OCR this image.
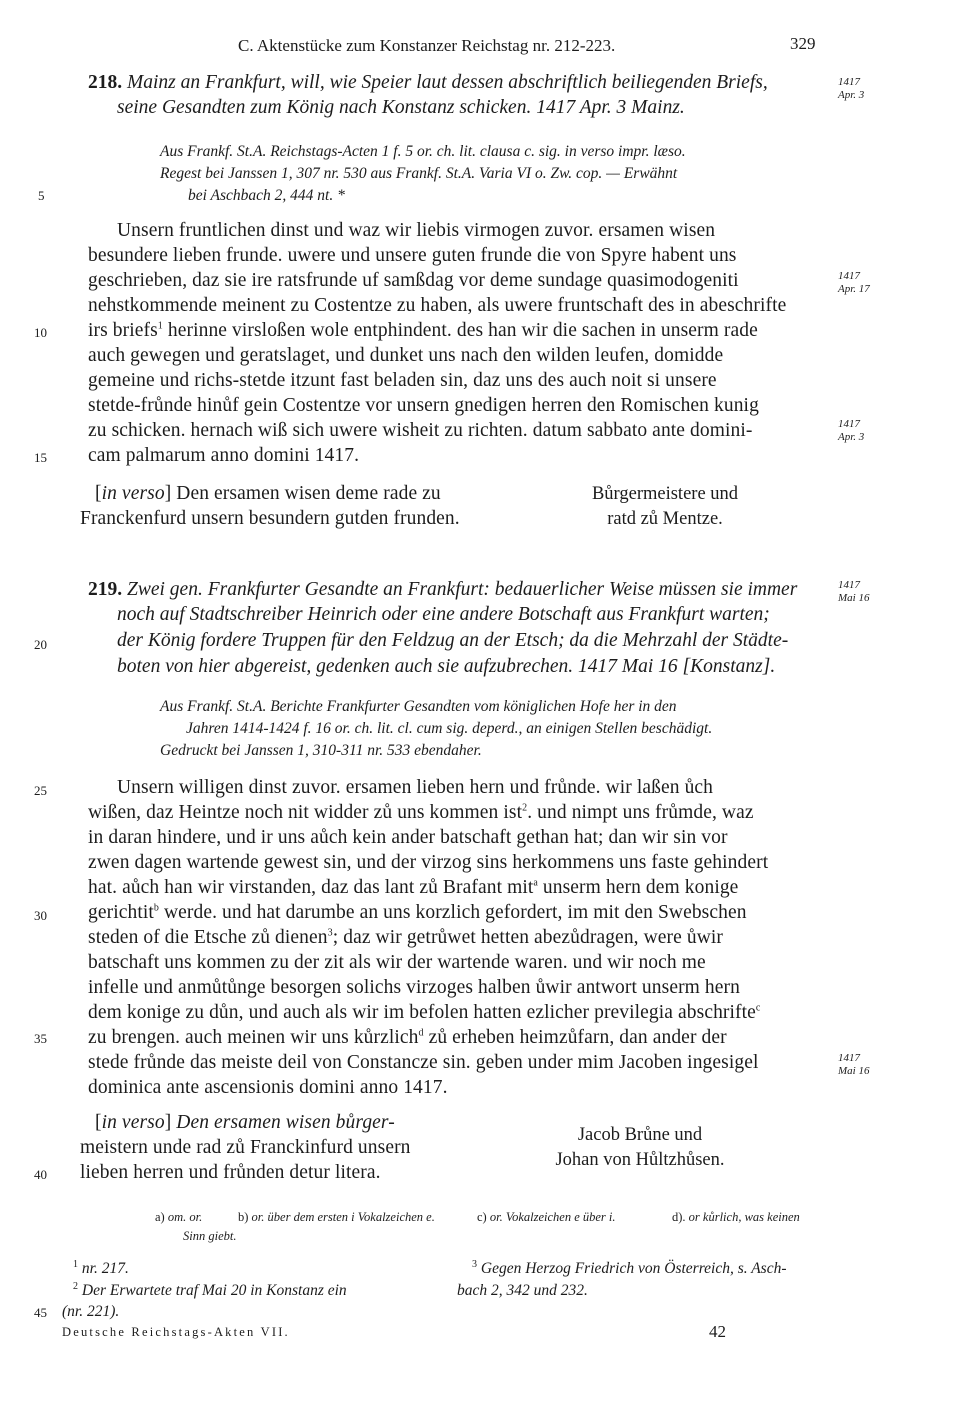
C. Aktenstücke zum Konstanzer Reichstag nr. 212-223.	329
5
10
15
20
25
30
35
40
45
218. Mainz an Frankfurt, will, wie Speier laut dessen abschriftlich beiliegenden Briefs,
seine Gesandten zum König nach Konstanz schicken. 1417 Apr. 3 Mainz.
1417
Apr. 3
Aus Frankf. St.A. Reichstags-Acten 1 f. 5 or. ch. lit. clausa c. sig. in verso impr. læso.
Regest bei Janssen 1, 307 nr. 530 aus Frankf. St.A. Varia VI o. Zw. cop. — Erwähnt
bei Aschbach 2, 444 nt. *
Unsern fruntlichen dinst und waz wir liebis virmogen zuvor. ersamen wisen
besundere lieben frunde. uwere und unsere guten frunde die von Spyre habent uns
geschrieben, daz sie ire ratsfrunde uf samßdag vor deme sundage quasimodogeniti
nehstkommende meinent zu Costentze zu haben, als uwere fruntschaft des in abeschrifte
irs briefs$^1$ herinne virsloßen wole entphindent. des han wir die sachen in unserm rade
auch gewegen und geratslaget, und dunket uns nach den wilden leufen, domidde
gemeine und richs-stetde itzunt fast beladen sin, daz uns des auch noit si unsere
stetde-frůnde hinůf gein Costentze vor unsern gnedigen herren den Romischen kunig
zu schicken. hernach wiß sich uwere wisheit zu richten. datum sabbato ante domini-
cam palmarum anno domini 1417.
1417
Apr. 17
1417
Apr. 3
[in verso] Den ersamen wisen deme rade zu
Franckenfurd unsern besundern gutden frunden.
Bůrgermeistere und
ratd zů Mentze.
219. Zwei gen. Frankfurter Gesandte an Frankfurt: bedauerlicher Weise müssen sie immer
noch auf Stadtschreiber Heinrich oder eine andere Botschaft aus Frankfurt warten;
der König fordere Truppen für den Feldzug an der Etsch; da die Mehrzahl der Städte-
boten von hier abgereist, gedenken auch sie aufzubrechen. 1417 Mai 16 [Konstanz].
1417
Mai 16
Aus Frankf. St.A. Berichte Frankfurter Gesandten vom königlichen Hofe her in den
Jahren 1414-1424 f. 16 or. ch. lit. cl. cum sig. deperd., an einigen Stellen beschädigt.
Gedruckt bei Janssen 1, 310-311 nr. 533 ebendaher.
Unsern willigen dinst zuvor. ersamen lieben hern und frůnde. wir laßen ůch
wißen, daz Heintze noch nit widder zů uns kommen ist$^2$. und nimpt uns frůmde, waz
in daran hindere, und ir uns aůch kein ander batschaft gethan hat; dan wir sin vor
zwen dagen wartende gewest sin, und der virzog sins herkommens uns faste gehindert
hat. aůch han wir virstanden, daz das lant zů Brafant mit$^a$ unserm hern dem konige
gerichtit$^b$ werde. und hat darumbe an uns korzlich gefordert, im mit den Swebschen
steden of die Etsche zů dienen$^3$; daz wir getrůwet hetten abezůdragen, were ůwir
batschaft uns kommen zu der zit als wir der wartende waren. und wir noch me
infelle und anmůtůnge besorgen solichs virzoges halben ůwir antwort unserm hern
dem konige zu důn, und auch als wir im befolen hatten ezlicher previlegia abschrifte$^c$
zu brengen. auch meinen wir uns kůrzlich$^d$ zů erheben heimzůfarn, dan ander der
stede frůnde das meiste deil von Constancze sin. geben under mim Jacoben ingesigel
dominica ante ascensionis domini anno 1417.
1417
Mai 16
[in verso] Den ersamen wisen bůrger-
meistern unde rad zů Franckinfurd unsern
lieben herren und frůnden detur litera.
Jacob Brůne und
Johan von Hůltzhůsen.
a) om. or.	b) or. über dem ersten i Vokalzeichen e.	c) or. Vokalzeichen e über i.	d). or kůrlich, was keinen
Sinn giebt.
$^1$ nr. 217.
$^2$ Der Erwartete traf Mai 20 in Konstanz ein
(nr. 221).
$^3$ Gegen Herzog Friedrich von Österreich, s. Asch-
bach 2, 342 und 232.
Deutsche Reichstags-Akten VII.	42
